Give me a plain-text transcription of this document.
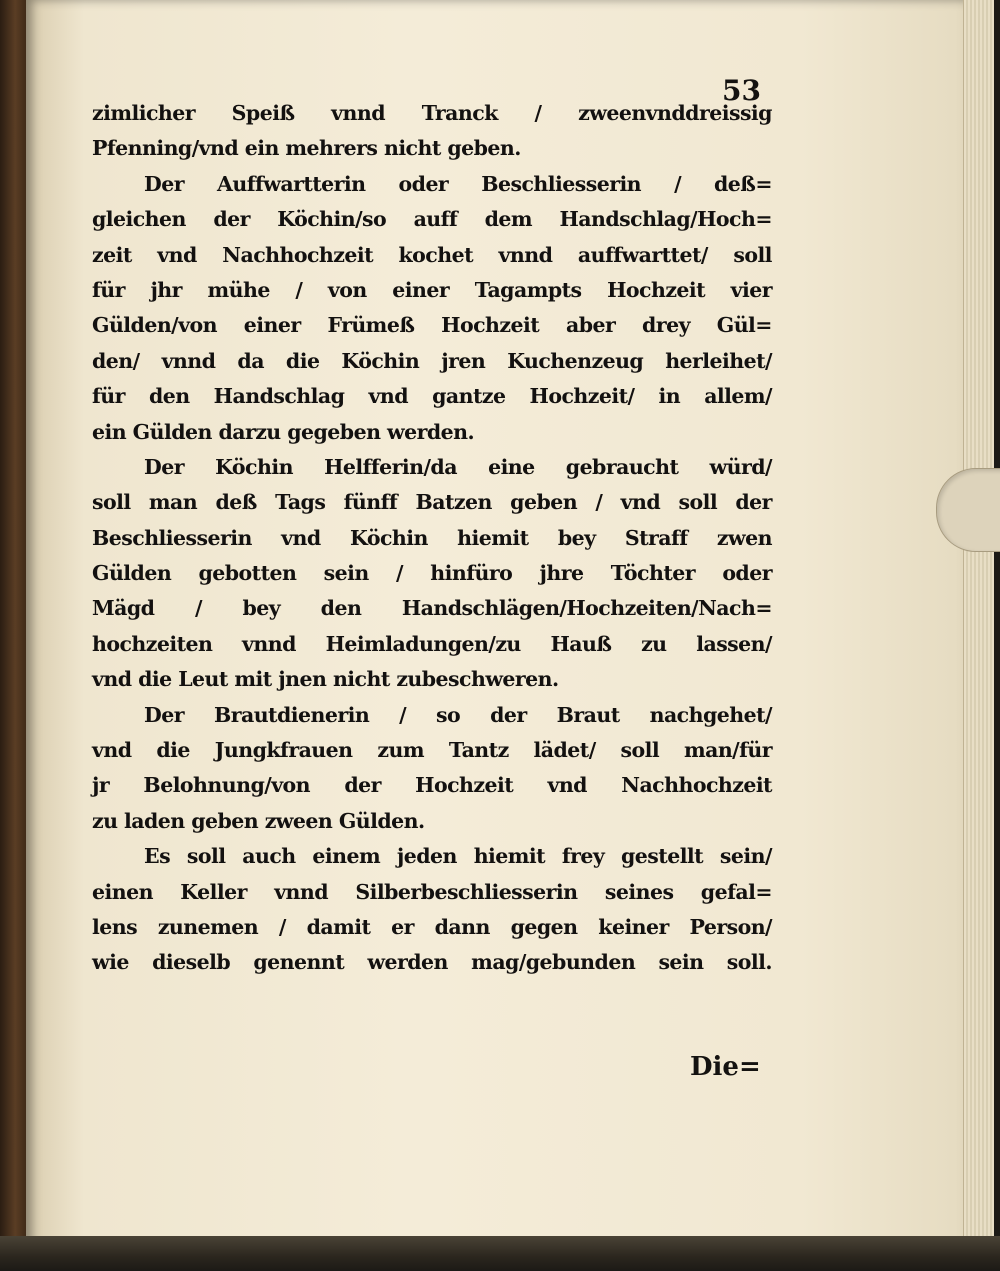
53
zimlicher Speiß vnnd Tranck / zweenvnddreissig
Pfenning/vnd ein mehrers nicht geben.
Der Auffwartterin oder Beschliesserin / deß=
gleichen der Köchin/so auff dem Handschlag/Hoch=
zeit vnd Nachhochzeit kochet vnnd auffwarttet/ soll
für jhr mühe / von einer Tagampts Hochzeit vier
Gülden/von einer Frümeß Hochzeit aber drey Gül=
den/ vnnd da die Köchin jren Kuchenzeug herleihet/
für den Handschlag vnd gantze Hochzeit/ in allem/
ein Gülden darzu gegeben werden.
Der Köchin Helfferin/da eine gebraucht würd/
soll man deß Tags fünff Batzen geben / vnd soll der
Beschliesserin vnd Köchin hiemit bey Straff zwen
Gülden gebotten sein / hinfüro jhre Töchter oder
Mägd / bey den Handschlägen/Hochzeiten/Nach=
hochzeiten vnnd Heimladungen/zu Hauß zu lassen/
vnd die Leut mit jnen nicht zubeschweren.
Der Brautdienerin / so der Braut nachgehet/
vnd die Jungkfrauen zum Tantz lädet/ soll man/für
jr Belohnung/von der Hochzeit vnd Nachhochzeit
zu laden geben zween Gülden.
Es soll auch einem jeden hiemit frey gestellt sein/
einen Keller vnnd Silberbeschliesserin seines gefal=
lens zunemen / damit er dann gegen keiner Person/
wie dieselb genennt werden mag/gebunden sein soll.
Die=
